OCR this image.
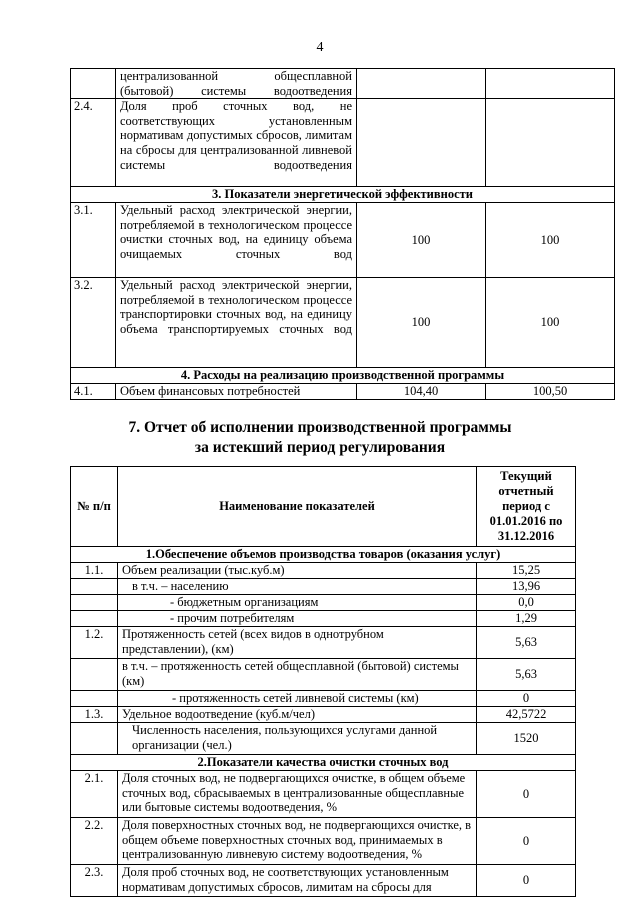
4
	централизованной общесплавной (бытовой) системы водоотведения		
2.4.	Доля проб сточных вод, не соответствующих установленным нормативам допустимых сбросов, лимитам на сбросы для централизованной ливневой системы водоотведения		
3. Показатели энергетической эффективности			
3.1.	Удельный расход электрической энергии, потребляемой в технологическом процессе очистки сточных вод, на единицу объема очищаемых сточных вод	100	100
3.2.	Удельный расход электрической энергии, потребляемой в технологическом процессе транспортировки сточных вод, на единицу объема транспортируемых сточных вод	100	100
4. Расходы на реализацию производственной программы			
4.1.	Объем финансовых потребностей	104,40	100,50
7. Отчет об исполнении производственной программы
за истекший период регулирования
№ п/п	Наименование показателей	Текущий отчетный период с 01.01.2016 по 31.12.2016
1.Обеспечение объемов производства товаров (оказания услуг)		
1.1.	Объем реализации (тыс.куб.м)	15,25
	в т.ч. – населению	13,96
	- бюджетным организациям	0,0
	- прочим потребителям	1,29
1.2.	Протяженность сетей (всех видов в однотрубном представлении), (км)	5,63
	в т.ч. – протяженность сетей общесплавной (бытовой) системы (км)	5,63
	- протяженность сетей ливневой системы (км)	0
1.3.	Удельное водоотведение (куб.м/чел)	42,5722
	Численность населения, пользующихся услугами данной организации (чел.)	1520
2.Показатели качества очистки сточных вод		
2.1.	Доля сточных вод, не подвергающихся очистке, в общем объеме сточных вод, сбрасываемых в централизованные общесплавные или бытовые системы водоотведения, %	0
2.2.	Доля поверхностных сточных вод, не подвергающихся очистке, в общем объеме поверхностных сточных вод, принимаемых в централизованную ливневую систему водоотведения, %	0
2.3.	Доля проб сточных вод, не соответствующих установленным нормативам допустимых сбросов, лимитам на сбросы для	0
